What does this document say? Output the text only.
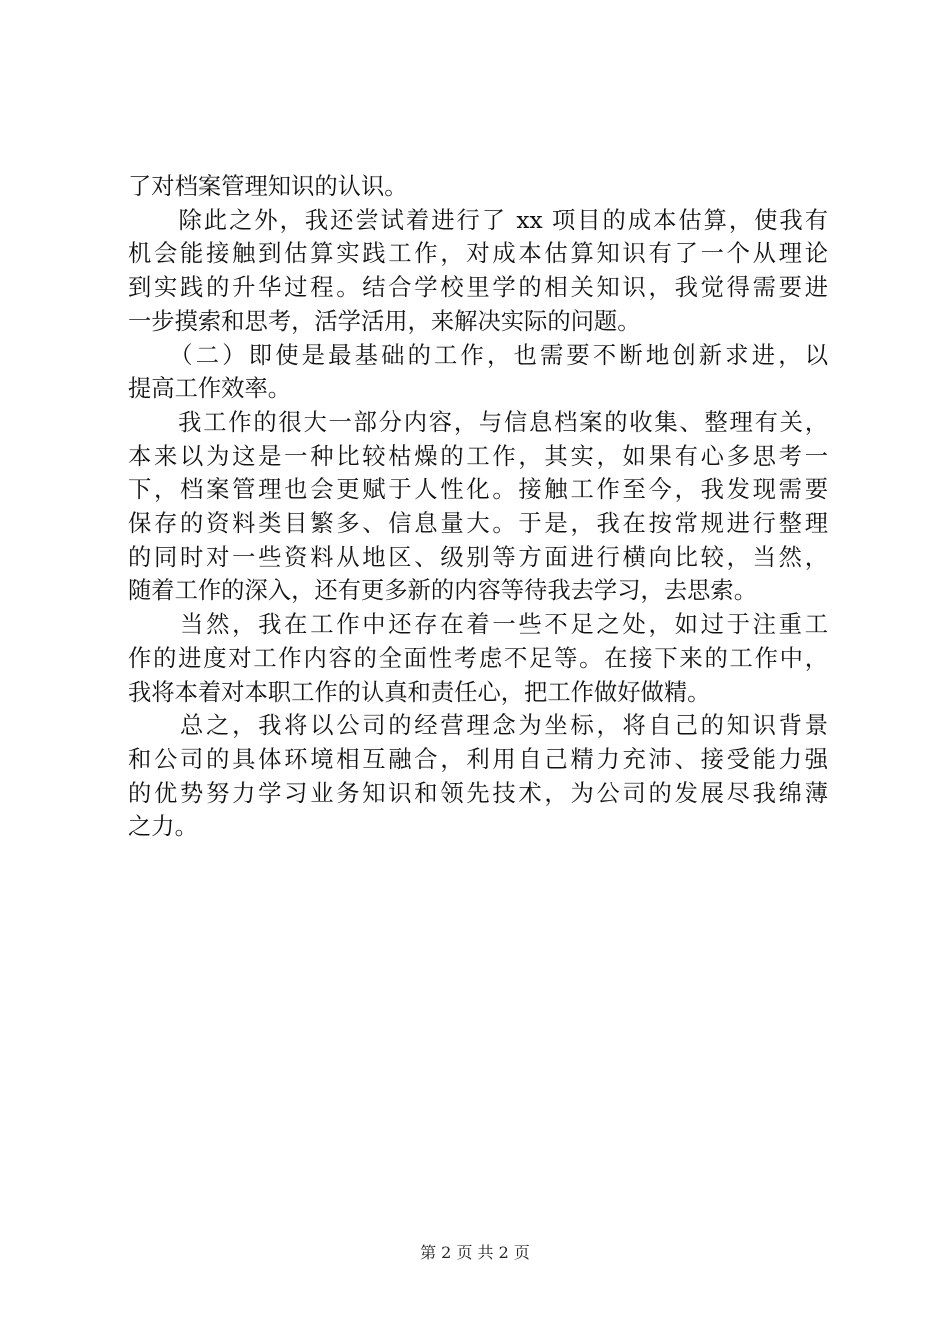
了对档案管理知识的认识。
　　除此之外，我还尝试着进行了 xx 项目的成本估算，使我有
机会能接触到估算实践工作，对成本估算知识有了一个从理论
到实践的升华过程。结合学校里学的相关知识，我觉得需要进
一步摸索和思考，活学活用，来解决实际的问题。
　　（二）即使是最基础的工作，也需要不断地创新求进，以
提高工作效率。
　　我工作的很大一部分内容，与信息档案的收集、整理有关，
本来以为这是一种比较枯燥的工作，其实，如果有心多思考一
下，档案管理也会更赋于人性化。接触工作至今，我发现需要
保存的资料类目繁多、信息量大。于是，我在按常规进行整理
的同时对一些资料从地区、级别等方面进行横向比较，当然，
随着工作的深入，还有更多新的内容等待我去学习，去思索。
　　当然，我在工作中还存在着一些不足之处，如过于注重工
作的进度对工作内容的全面性考虑不足等。在接下来的工作中，
我将本着对本职工作的认真和责任心，把工作做好做精。
　　总之，我将以公司的经营理念为坐标，将自己的知识背景
和公司的具体环境相互融合，利用自己精力充沛、接受能力强
的优势努力学习业务知识和领先技术，为公司的发展尽我绵薄
之力。
第 2 页 共 2 页
